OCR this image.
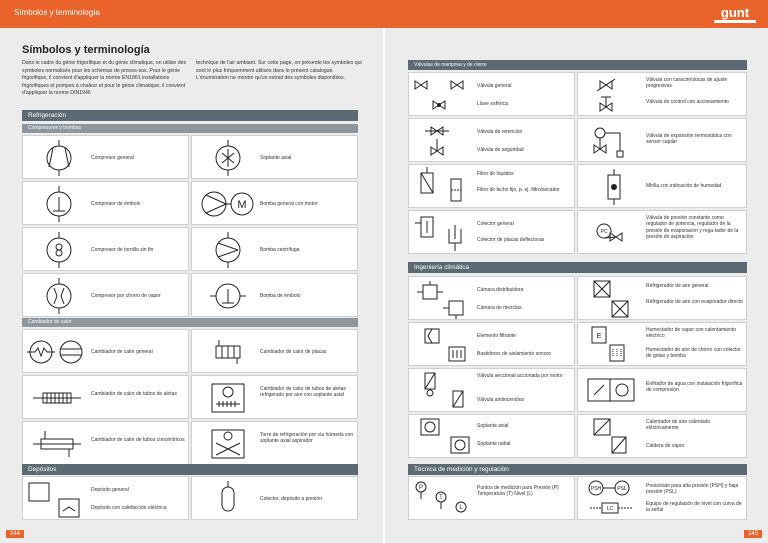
Símbolos y terminología	gunt
Símbolos y terminología

Dans le cadre du génie frigorifique et du génie climatique, on utilise des symboles normalisés pour les schémas de proces-sus. Pour le génie frigorifique, il convient d'appliquer la norme EN1861 installations frigorifiques et pompes à chaleur et pour le génie climatique, il convient d'appliquer la norme DIN1946

technique de l'air ambiant. Sur cette page, on présente les symboles qui sont le plus fréquemment utilisés dans le présent catalogue. L'énumération ne montre qu'un extrait des symboles disponibles.

Refrigeración
Compresores y bombas
Compresor general	Soplante axial
Compresor de émbolo	M	Bomba general con motor
Compresor de tornillo sin fin	Bomba centrífuga
Compresor por chorro de vapor	Bomba de émbolo
Cambiador de calor
Cambiador de calor general	Cambiador de calor de placas
Cambiador de calor de tubos de aletas
Cambiador de calor de tubos de aletas refrigerado por aire con soplante axial
Cambiador de calor de tubos concéntricos
Torre de refrigeración por vía húmeda con soplante axial aspirador
Depósitos
Depósito general
Depósito con calefacción eléctrica
Colector, depósito a presión
244
Válvulas de mariposa y de cierre
Válvula general
Llave esférica
Válvula con características de ajuste progresivas
Válvula de control con accionamiento
Válvula de retención
Válvula de seguridad
Válvula de expansión termostática con sensor capilar
Filtro de líquidos
Filtro de lecho fijo, p. ej. filtro/secador
Mirilla con indicación de humedad
Colector general
Colector de placas deflectoras
PC
Válvula de presión constante como regulador de potencia, regulador de la presión de evaporación y regu-lador de la presión de aspiración
Ingeniería climática
Cámara distribuidora
Cámara de mezclas
Refrigerador de aire general
Refrigerador de aire con evaporador directo
Elemento filtrante
Bastidores de aislamiento sonoro
E
Humectador de vapor con calentamiento eléctrico
Humectador de aire de chorro con colector de gotas y bomba
Válvula seccional accionada por motor
Válvula antiincendios
Enfriador de agua con instalación frigorífica de compresión
Soplante axial
Soplante radial
Calentador de aire calentado eléctricamente
Caldera de vapor
Técnica de medición y regulación
P
T
L
Puntos de medición para Presión (P) Temperatura (T) Nivel (L)
PSH	PSL
LC
Presostato para alta presión (PSH) y baja presión (PSL)
Equipo de regulación de nivel con curva de la señal
245
